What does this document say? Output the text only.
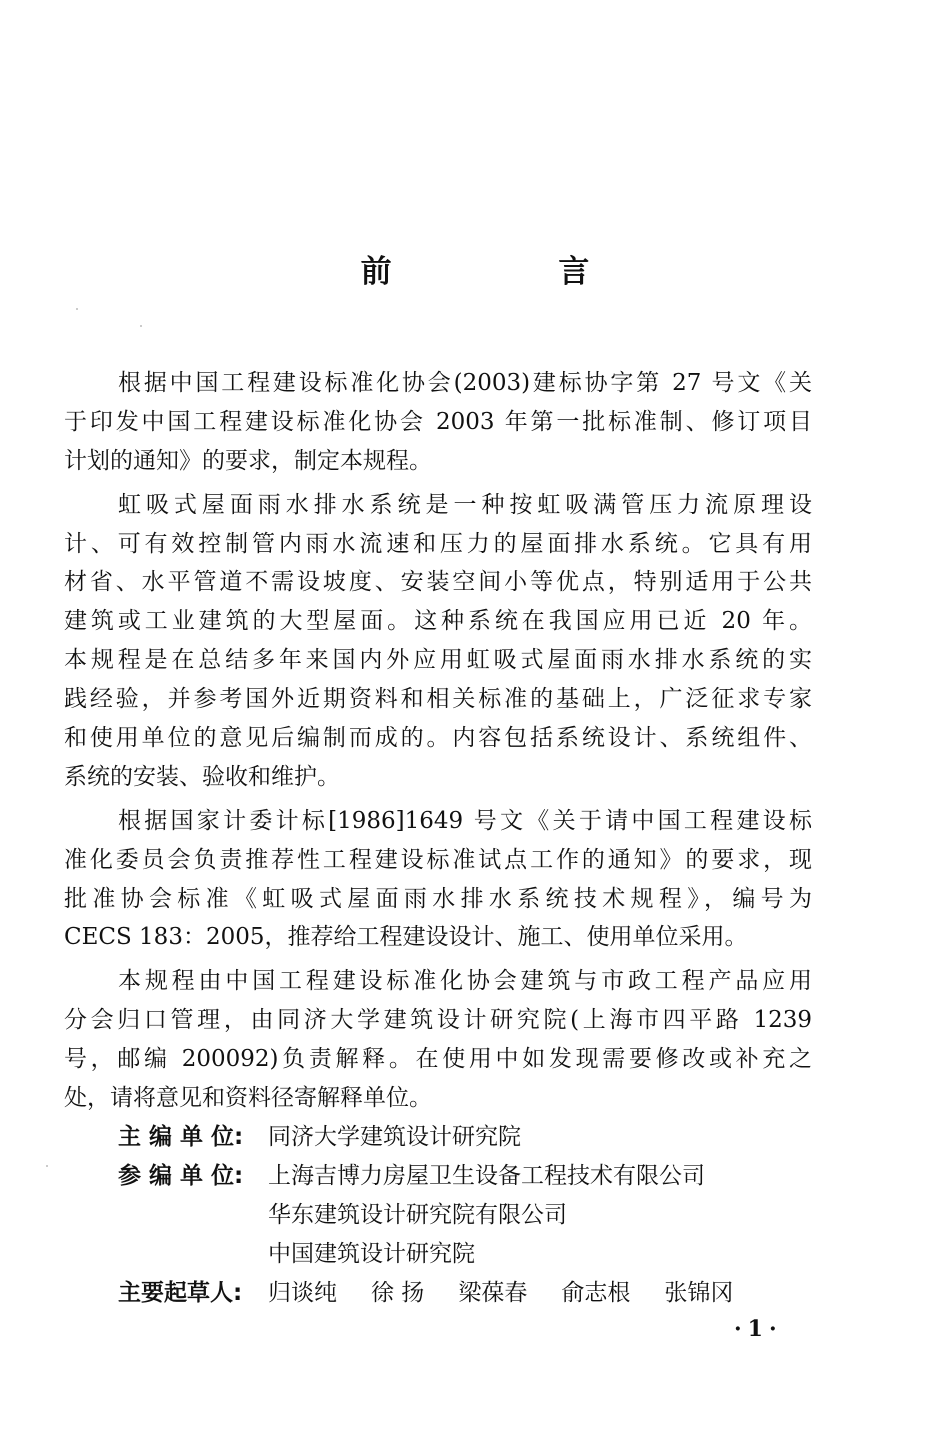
前 言
根据中国工程建设标准化协会(2003)建标协字第 27 号文《关
于印发中国工程建设标准化协会 2003 年第一批标准制、修订项目
计划的通知》的要求，制定本规程。
虹吸式屋面雨水排水系统是一种按虹吸满管压力流原理设
计、可有效控制管内雨水流速和压力的屋面排水系统。它具有用
材省、水平管道不需设坡度、安装空间小等优点，特别适用于公共
建筑或工业建筑的大型屋面。这种系统在我国应用已近 20 年。
本规程是在总结多年来国内外应用虹吸式屋面雨水排水系统的实
践经验，并参考国外近期资料和相关标准的基础上，广泛征求专家
和使用单位的意见后编制而成的。内容包括系统设计、系统组件、
系统的安装、验收和维护。
根据国家计委计标[1986]1649 号文《关于请中国工程建设标
准化委员会负责推荐性工程建设标准试点工作的通知》的要求，现
批准协会标准《虹吸式屋面雨水排水系统技术规程》，编号为
CECS 183：2005，推荐给工程建设设计、施工、使用单位采用。
本规程由中国工程建设标准化协会建筑与市政工程产品应用
分会归口管理，由同济大学建筑设计研究院(上海市四平路 1239
号，邮编 200092)负责解释。在使用中如发现需要修改或补充之
处，请将意见和资料径寄解释单位。
主 编 单 位:	同济大学建筑设计研究院
参 编 单 位:	上海吉博力房屋卫生设备工程技术有限公司
华东建筑设计研究院有限公司
中国建筑设计研究院
主要起草人:	归谈纯 徐 扬 梁葆春 俞志根 张锦冈
·1·
